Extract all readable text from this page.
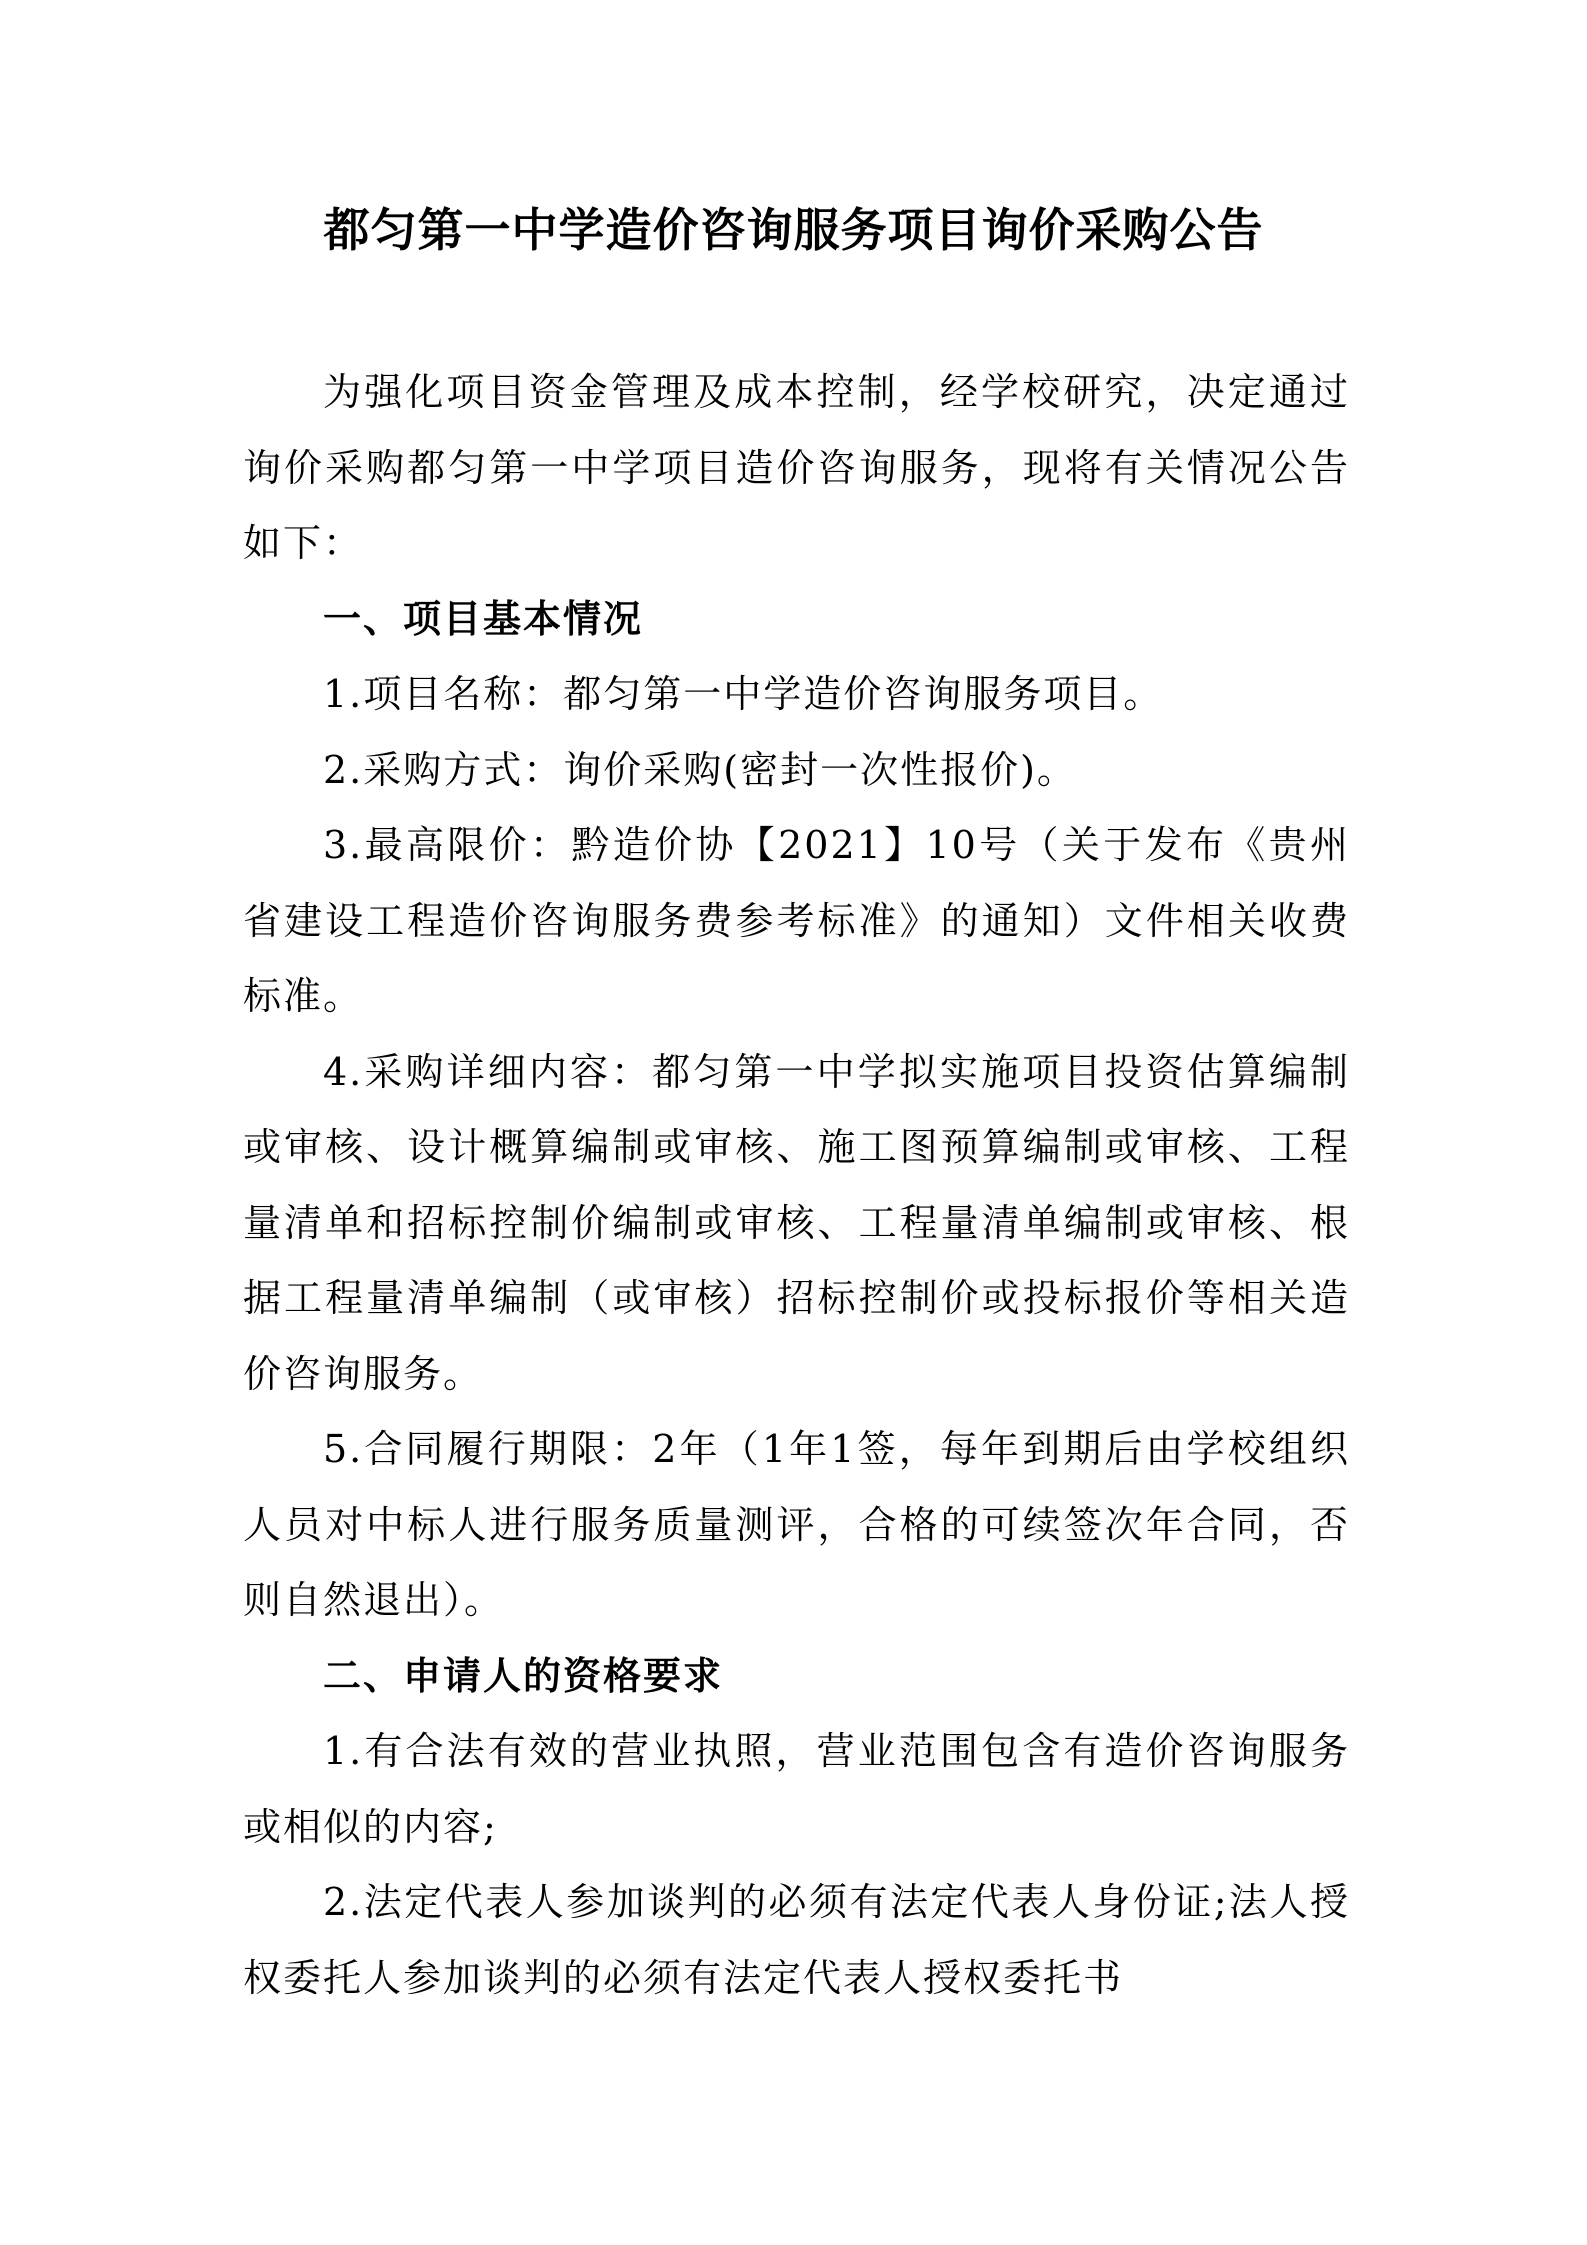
都匀第一中学造价咨询服务项目询价采购公告

为强化项目资金管理及成本控制，经学校研究，决定通过询价采购都匀第一中学项目造价咨询服务，现将有关情况公告如下：

一、项目基本情况

1.项目名称：都匀第一中学造价咨询服务项目。

2.采购方式：询价采购(密封一次性报价)。

3.最高限价：黔造价协【2021】10号（关于发布《贵州省建设工程造价咨询服务费参考标准》的通知）文件相关收费标准。

4.采购详细内容：都匀第一中学拟实施项目投资估算编制或审核、设计概算编制或审核、施工图预算编制或审核、工程量清单和招标控制价编制或审核、工程量清单编制或审核、根据工程量清单编制（或审核）招标控制价或投标报价等相关造价咨询服务。

5.合同履行期限：2年（1年1签，每年到期后由学校组织人员对中标人进行服务质量测评，合格的可续签次年合同，否则自然退出）。

二、申请人的资格要求

1.有合法有效的营业执照，营业范围包含有造价咨询服务或相似的内容;

2.法定代表人参加谈判的必须有法定代表人身份证;法人授权委托人参加谈判的必须有法定代表人授权委托书
